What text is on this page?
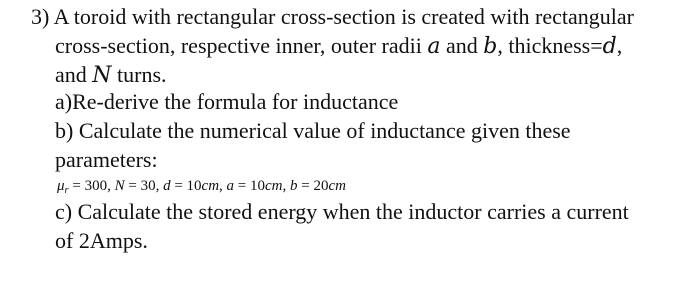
3) A toroid with rectangular cross-section is created with rectangular
cross-section, respective inner, outer radii a and b, thickness=d,
and N turns.
a)Re-derive the formula for inductance
b) Calculate the numerical value of inductance given these
parameters:
$\mu_r = 300$, N = 30, d = 10cm, a = 10cm, b = 20cm
c) Calculate the stored energy when the inductor carries a current
of 2Amps.
